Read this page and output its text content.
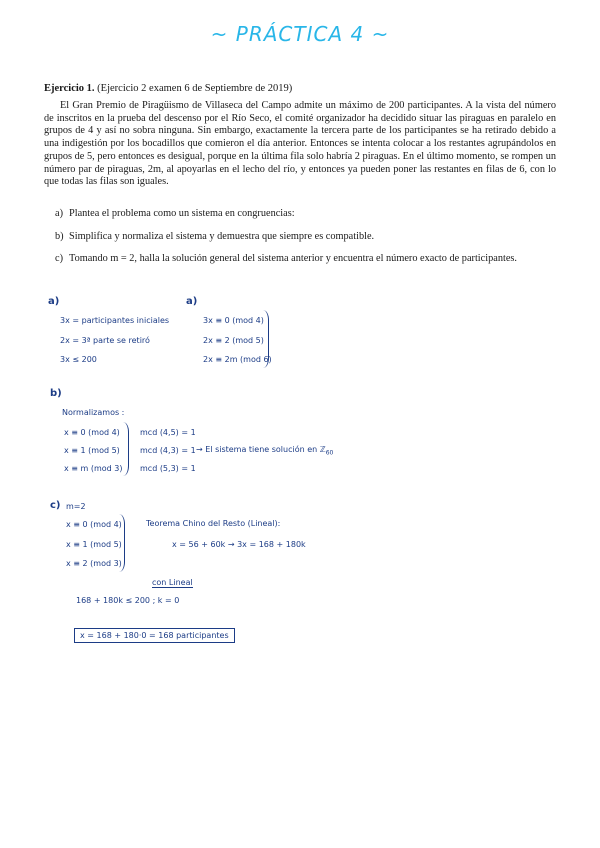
~ PRÁCTICA 4 ~
Ejercicio 1. (Ejercicio 2 examen 6 de Septiembre de 2019)
El Gran Premio de Piragüismo de Villaseca del Campo admite un máximo de 200 participantes. A la vista del número de inscritos en la prueba del descenso por el Río Seco, el comité organizador ha decidido situar las piraguas en paralelo en grupos de 4 y así no sobra ninguna. Sin embargo, exactamente la tercera parte de los participantes se ha retirado debido a una indigestión por los bocadillos que comieron el día anterior. Entonces se intenta colocar a los restantes agrupándolos en grupos de 5, pero entonces es desigual, porque en la última fila solo habría 2 piraguas. En el último momento, se rompen un número par de piraguas, 2m, al apoyarlas en el lecho del río, y entonces ya pueden poner las restantes en filas de 6, con lo que todas las filas son iguales.
a) Plantea el problema como un sistema en congruencias:
b) Simplifica y normaliza el sistema y demuestra que siempre es compatible.
c) Tomando m = 2, halla la solución general del sistema anterior y encuentra el número exacto de participantes.
a)
3x = participantes iniciales
2x = 3ª parte se retiró
3x ≤ 200
a)
3x ≡ 0 (mod 4)
2x ≡ 2 (mod 5)
2x ≡ 2m (mod 6)
b)
Normalizamos :
x ≡ 0 (mod 4)
x ≡ 1 (mod 5)
x ≡ m (mod 3)
mcd (4,5) = 1
mcd (4,3) = 1
mcd (5,3) = 1
→ El sistema tiene solución en ℤ$_{60}$
c) m=2
x ≡ 0 (mod 4)
x ≡ 1 (mod 5)
x ≡ 2 (mod 3)
Teorema Chino del Resto (Lineal):
x = 56 + 60k → 3x = 168 + 180k
con Lineal
168 + 180k ≤ 200 ; k = 0
x = 168 + 180·0 = 168 participantes
